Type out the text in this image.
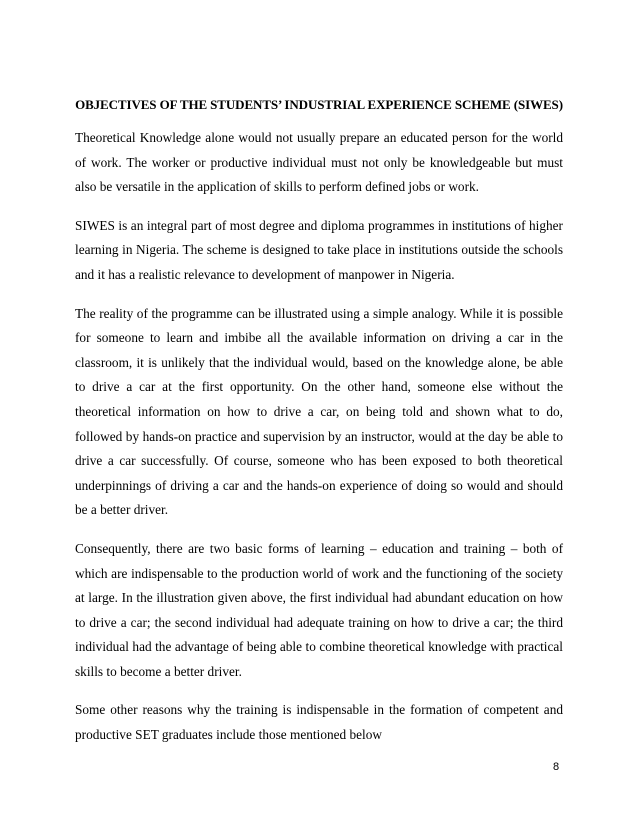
OBJECTIVES OF THE STUDENTS’ INDUSTRIAL EXPERIENCE SCHEME (SIWES)

Theoretical Knowledge alone would not usually prepare an educated person for the world of work. The worker or productive individual must not only be knowledgeable but must also be versatile in the application of skills to perform defined jobs or work.

SIWES is an integral part of most degree and diploma programmes in institutions of higher learning in Nigeria. The scheme is designed to take place in institutions outside the schools and it has a realistic relevance to development of manpower in Nigeria.

The reality of the programme can be illustrated using a simple analogy. While it is possible for someone to learn and imbibe all the available information on driving a car in the classroom, it is unlikely that the individual would, based on the knowledge alone, be able to drive a car at the first opportunity. On the other hand, someone else without the theoretical information on how to drive a car, on being told and shown what to do, followed by hands-on practice and supervision by an instructor, would at the day be able to drive a car successfully. Of course, someone who has been exposed to both theoretical underpinnings of driving a car and the hands-on experience of doing so would and should be a better driver.

Consequently, there are two basic forms of learning – education and training – both of which are indispensable to the production world of work and the functioning of the society at large. In the illustration given above, the first individual had abundant education on how to drive a car; the second individual had adequate training on how to drive a car; the third individual had the advantage of being able to combine theoretical knowledge with practical skills to become a better driver.

Some other reasons why the training is indispensable in the formation of competent and productive SET graduates include those mentioned below

8
